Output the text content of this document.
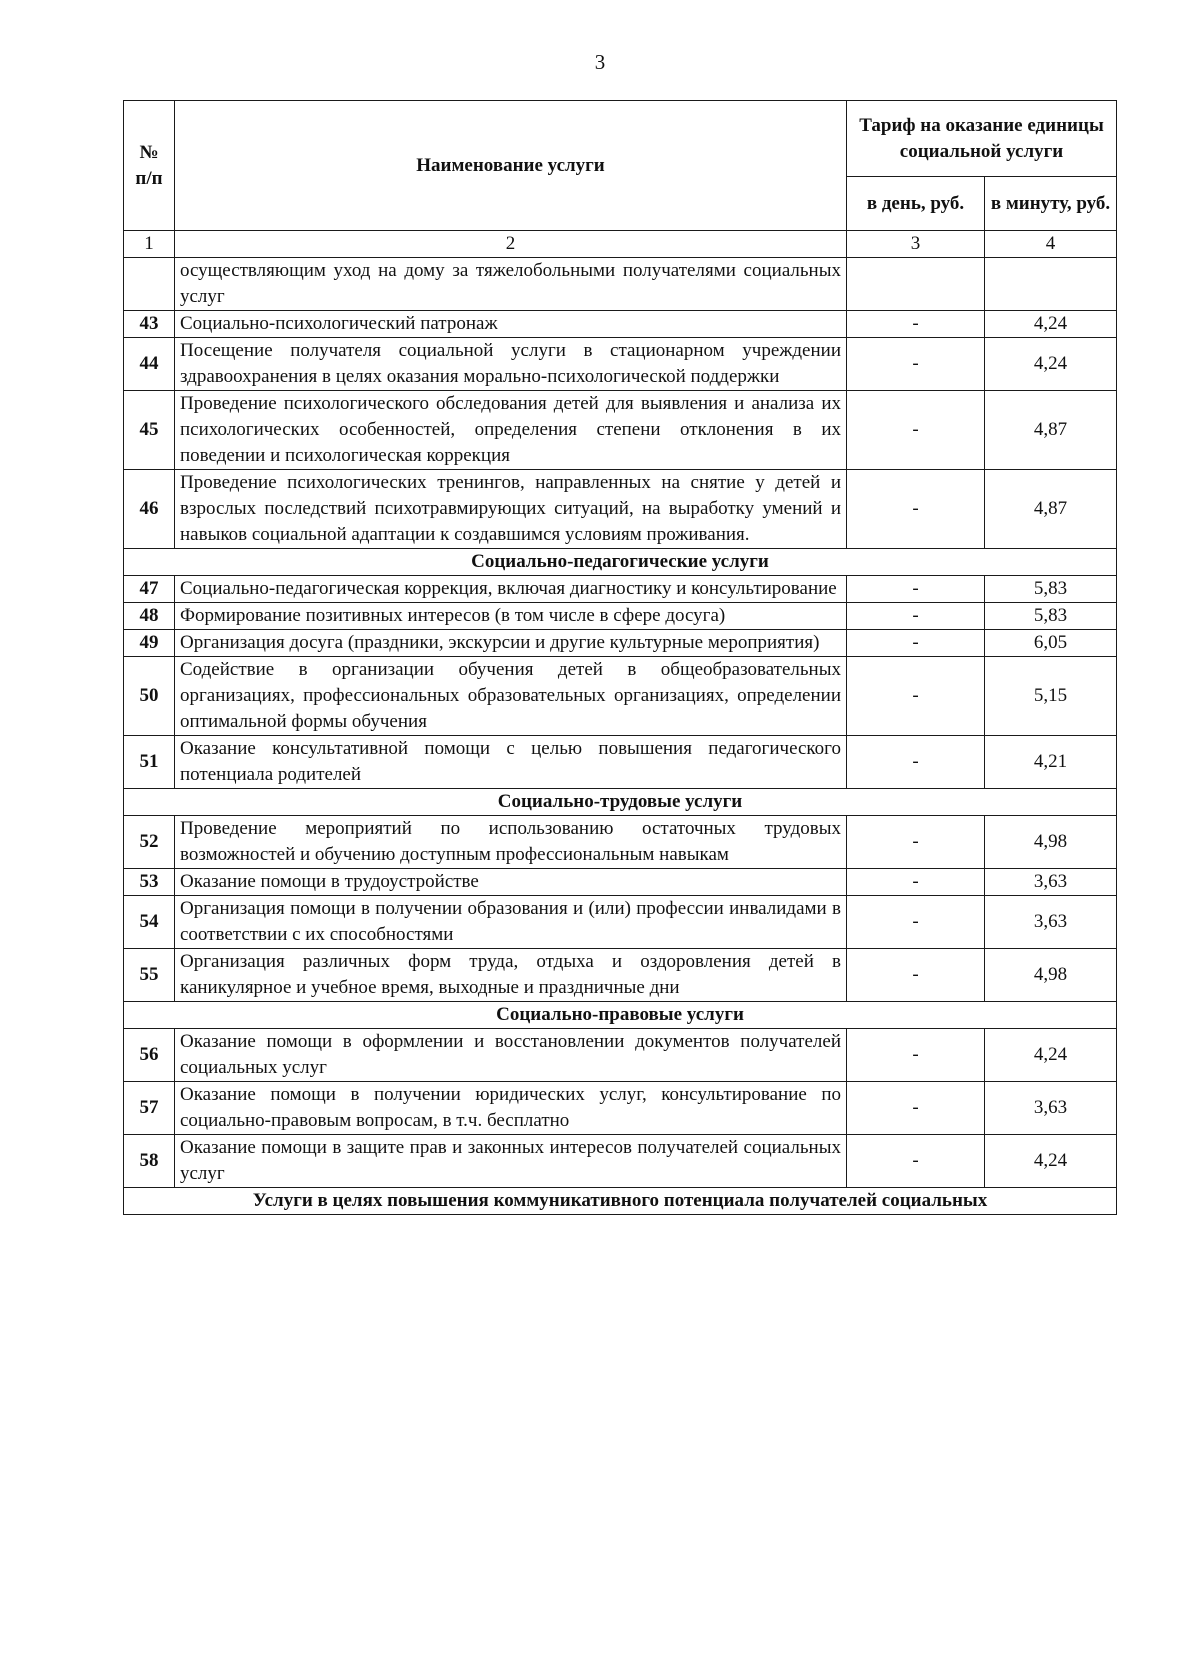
3
№ п/п	Наименование услуги	Тариф на оказание единицы социальной услуги	
		в день, руб.	в минуту, руб.
1	2	3	4
	осуществляющим уход на дому за тяжелобольными получателями социальных услуг		
43	Социально-психологический патронаж	-	4,24
44	Посещение получателя социальной услуги в стационарном учреждении здравоохранения в целях оказания морально-психологической поддержки	-	4,24
45	Проведение психологического обследования детей для выявления и анализа их психологических особенностей, определения степени отклонения в их поведении и психологическая коррекция	-	4,87
46	Проведение психологических тренингов, направленных на снятие у детей и взрослых последствий психотравмирующих ситуаций, на выработку умений и навыков социальной адаптации к создавшимся условиям проживания.	-	4,87
Социально-педагогические услуги			
47	Социально-педагогическая коррекция, включая диагностику и консультирование	-	5,83
48	Формирование позитивных интересов (в том числе в сфере досуга)	-	5,83
49	Организация досуга (праздники, экскурсии и другие культурные мероприятия)	-	6,05
50	Содействие в организации обучения детей в общеобразовательных организациях, профессиональных образовательных организациях, определении оптимальной формы обучения	-	5,15
51	Оказание консультативной помощи с целью повышения педагогического потенциала родителей	-	4,21
Социально-трудовые услуги			
52	Проведение мероприятий по использованию остаточных трудовых возможностей и обучению доступным профессиональным навыкам	-	4,98
53	Оказание помощи в трудоустройстве	-	3,63
54	Организация помощи в получении образования и (или) профессии инвалидами в соответствии с их способностями	-	3,63
55	Организация различных форм труда, отдыха и оздоровления детей в каникулярное и учебное время, выходные и праздничные дни	-	4,98
Социально-правовые услуги			
56	Оказание помощи в оформлении и восстановлении документов получателей социальных услуг	-	4,24
57	Оказание помощи в получении юридических услуг, консультирование по социально-правовым вопросам, в т.ч. бесплатно	-	3,63
58	Оказание помощи в защите прав и законных интересов получателей социальных услуг	-	4,24
Услуги в целях повышения коммуникативного потенциала получателей социальных			
